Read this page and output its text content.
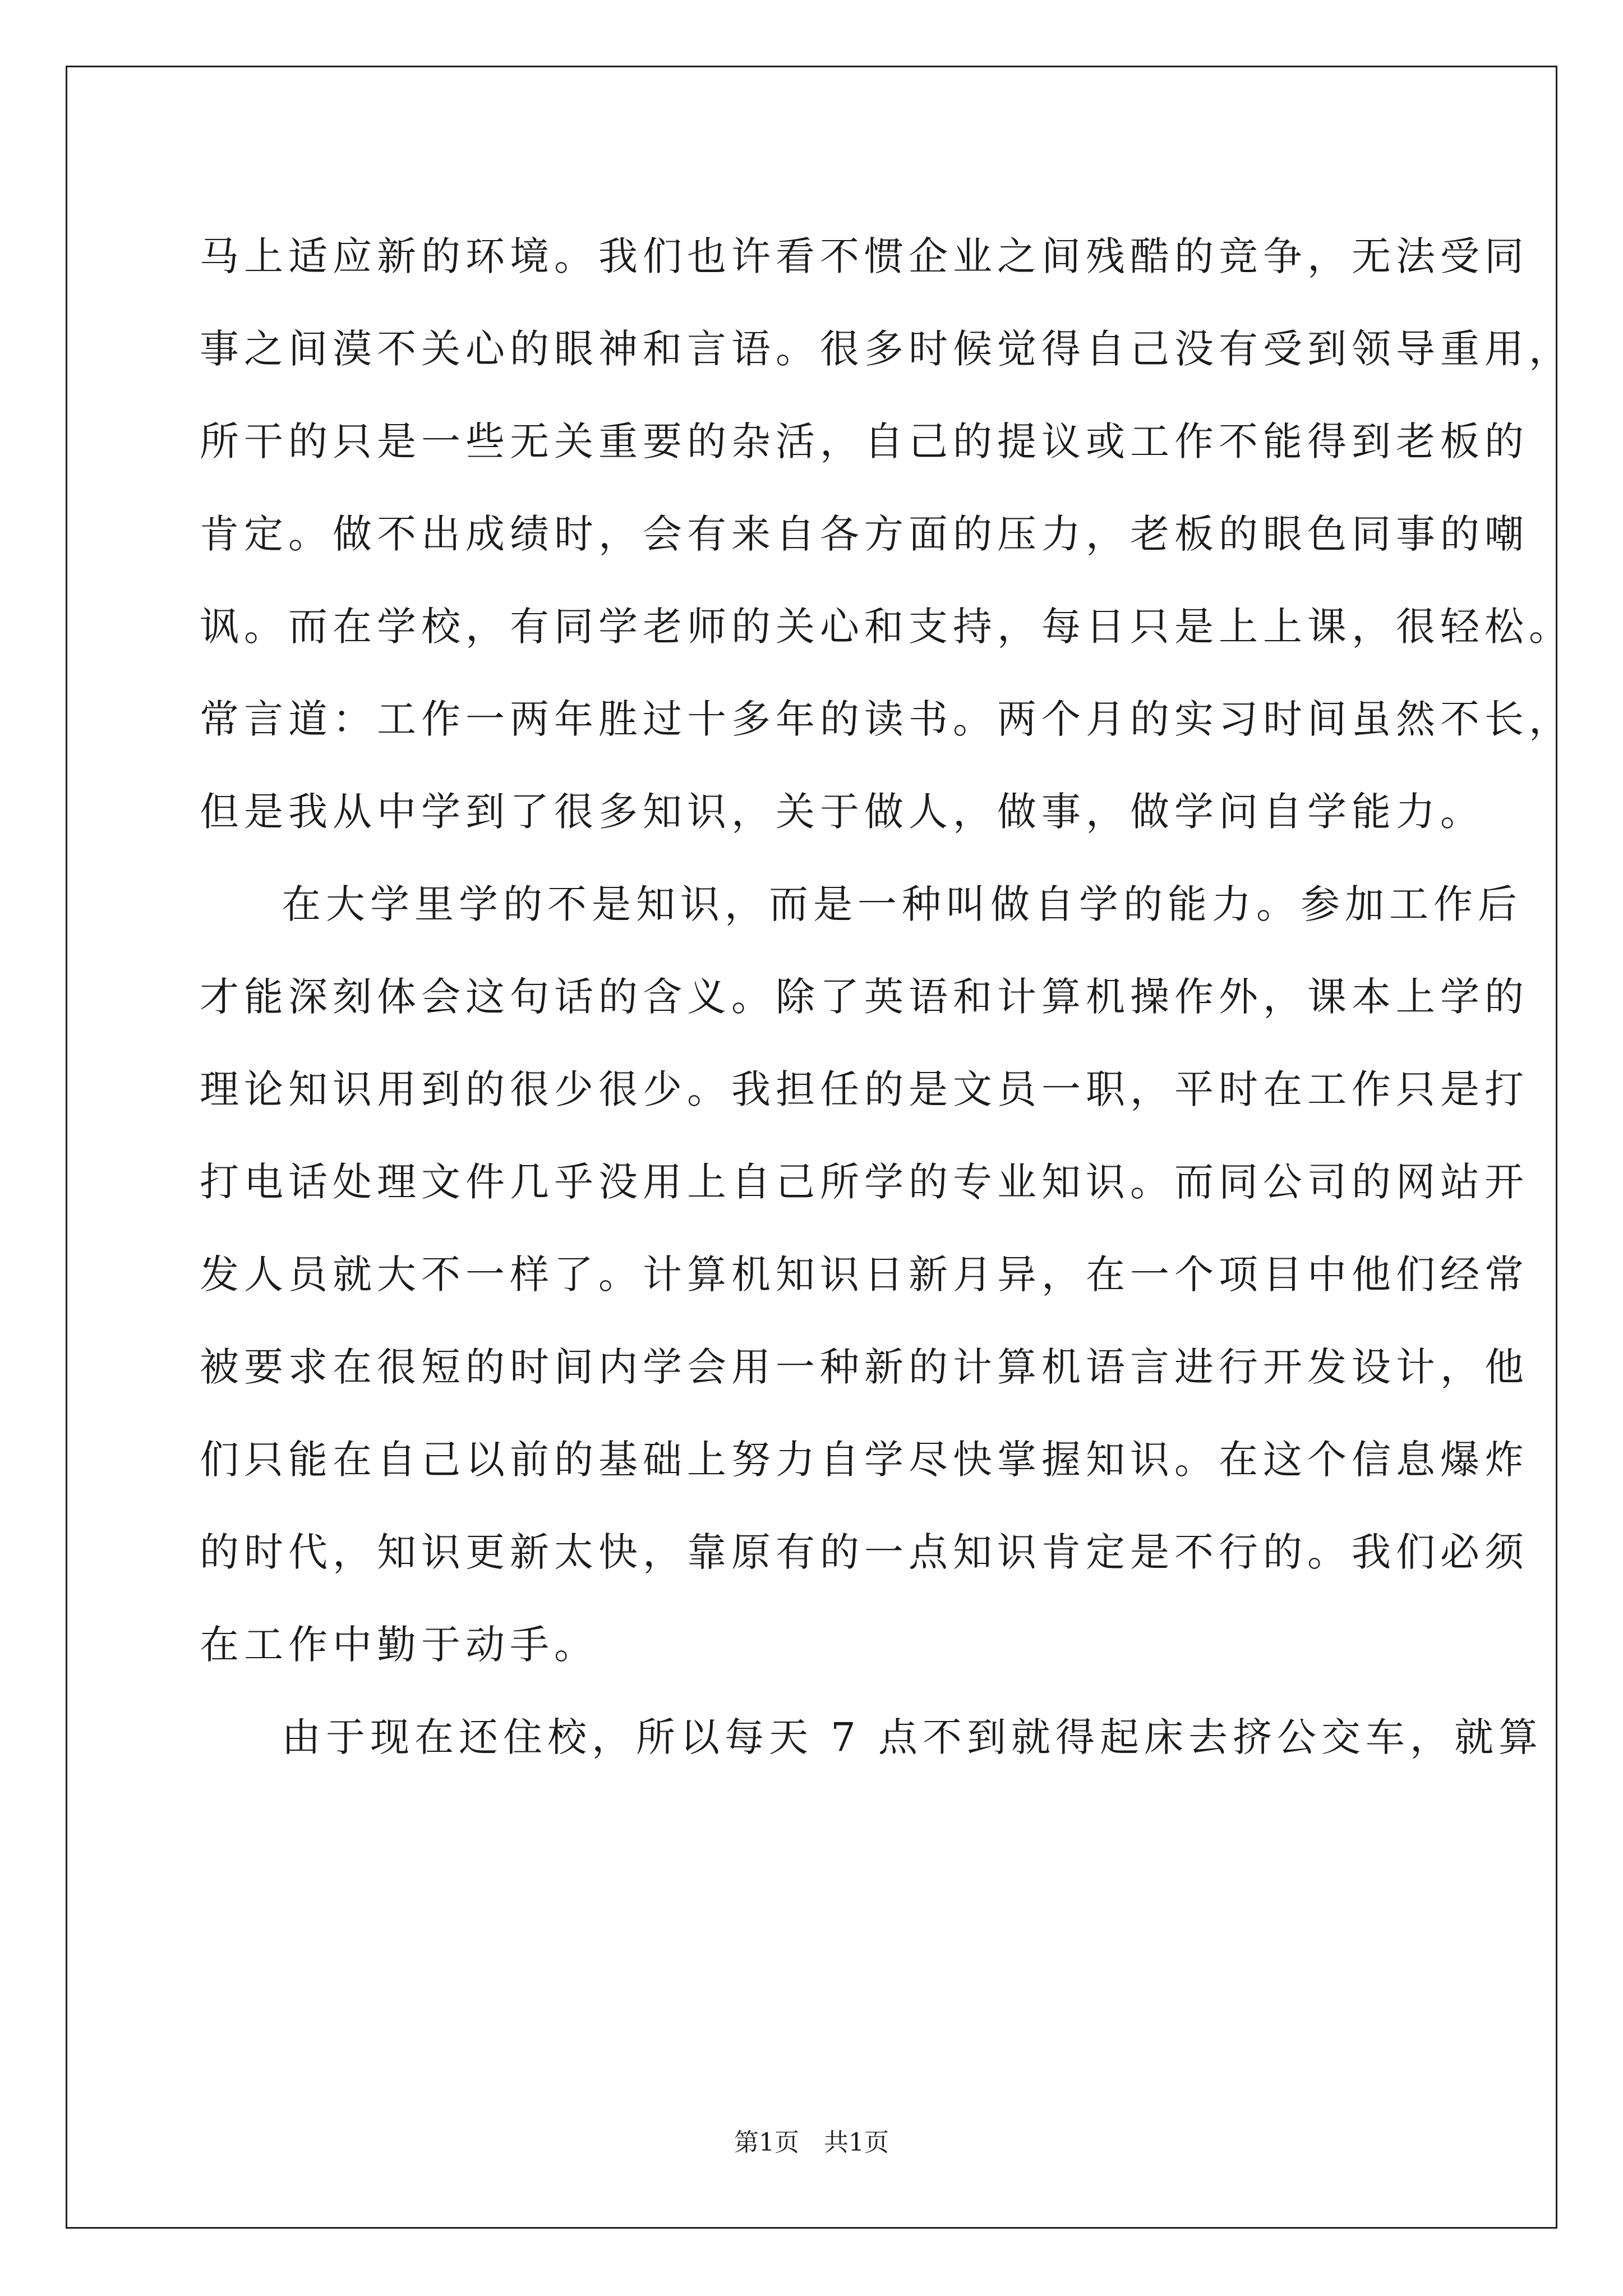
马上适应新的环境。我们也许看不惯企业之间残酷的竞争，无法受同
事之间漠不关心的眼神和言语。很多时候觉得自己没有受到领导重用，
所干的只是一些无关重要的杂活，自己的提议或工作不能得到老板的
肯定。做不出成绩时，会有来自各方面的压力，老板的眼色同事的嘲
讽。而在学校，有同学老师的关心和支持，每日只是上上课，很轻松。
常言道：工作一两年胜过十多年的读书。两个月的实习时间虽然不长，
但是我从中学到了很多知识，关于做人，做事，做学问自学能力。
在大学里学的不是知识，而是一种叫做自学的能力。参加工作后
才能深刻体会这句话的含义。除了英语和计算机操作外，课本上学的
理论知识用到的很少很少。我担任的是文员一职，平时在工作只是打
打电话处理文件几乎没用上自己所学的专业知识。而同公司的网站开
发人员就大不一样了。计算机知识日新月异，在一个项目中他们经常
被要求在很短的时间内学会用一种新的计算机语言进行开发设计，他
们只能在自己以前的基础上努力自学尽快掌握知识。在这个信息爆炸
的时代，知识更新太快，靠原有的一点知识肯定是不行的。我们必须
在工作中勤于动手。
由于现在还住校，所以每天 7 点不到就得起床去挤公交车，就算
第1页 共1页
